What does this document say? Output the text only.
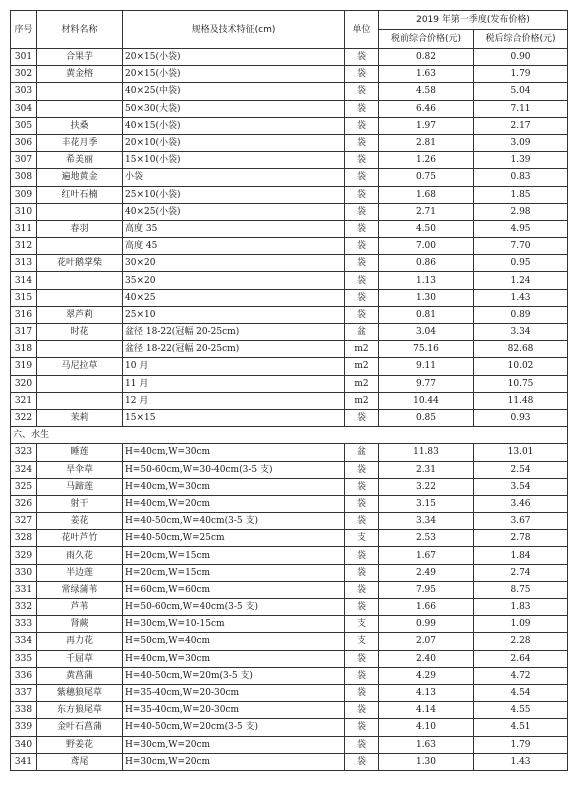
序号	材料名称	规格及技术特征(cm)	单位	2019 年第一季度(发布价格)	
				税前综合价格(元)	税后综合价格(元)
301	合果芋	20×15(小袋)	袋	0.82	0.90
302	黄金榕	20×15(小袋)	袋	1.63	1.79
303		40×25(中袋)	袋	4.58	5.04
304		50×30(大袋)	袋	6.46	7.11
305	扶桑	40×15(小袋)	袋	1.97	2.17
306	丰花月季	20×10(小袋)	袋	2.81	3.09
307	希美丽	15×10(小袋)	袋	1.26	1.39
308	遍地黄金	小袋	袋	0.75	0.83
309	红叶石楠	25×10(小袋)	袋	1.68	1.85
310		40×25(小袋)	袋	2.71	2.98
311	春羽	高度 35	袋	4.50	4.95
312		高度 45	袋	7.00	7.70
313	花叶鹅掌柴	30×20	袋	0.86	0.95
314		35×20	袋	1.13	1.24
315		40×25	袋	1.30	1.43
316	翠芦莉	25×10	袋	0.81	0.89
317	时花	盆径 18-22(冠幅 20-25cm)	盆	3.04	3.34
318		盆径 18-22(冠幅 20-25cm)	m2	75.16	82.68
319	马尼拉草	10 月	m2	9.11	10.02
320		11 月	m2	9.77	10.75
321		12 月	m2	10.44	11.48
322	茉莉	15×15	袋	0.85	0.93
六、水生					
323	睡莲	H=40cm,W=30cm	盆	11.83	13.01
324	旱伞草	H=50-60cm,W=30-40cm(3-5 支)	袋	2.31	2.54
325	马蹄莲	H=40cm,W=30cm	袋	3.22	3.54
326	射干	H=40cm,W=20cm	袋	3.15	3.46
327	姜花	H=40-50cm,W=40cm(3-5 支)	袋	3.34	3.67
328	花叶芦竹	H=40-50cm,W=25cm	支	2.53	2.78
329	雨久花	H=20cm,W=15cm	袋	1.67	1.84
330	半边莲	H=20cm,W=15cm	袋	2.49	2.74
331	常绿蒲苇	H=60cm,W=60cm	袋	7.95	8.75
332	芦苇	H=50-60cm,W=40cm(3-5 支)	袋	1.66	1.83
333	肾蕨	H=30cm,W=10-15cm	支	0.99	1.09
334	再力花	H=50cm,W=40cm	支	2.07	2.28
335	千屈草	H=40cm,W=30cm	袋	2.40	2.64
336	黄菖蒲	H=40-50cm,W=20m(3-5 支)	袋	4.29	4.72
337	紫穗狼尾草	H=35-40cm,W=20-30cm	袋	4.13	4.54
338	东方狼尾草	H=35-40cm,W=20-30cm	袋	4.14	4.55
339	金叶石菖蒲	H=40-50cm,W=20cm(3-5 支)	袋	4.10	4.51
340	野姜花	H=30cm,W=20cm	袋	1.63	1.79
341	鸢尾	H=30cm,W=20cm	袋	1.30	1.43
